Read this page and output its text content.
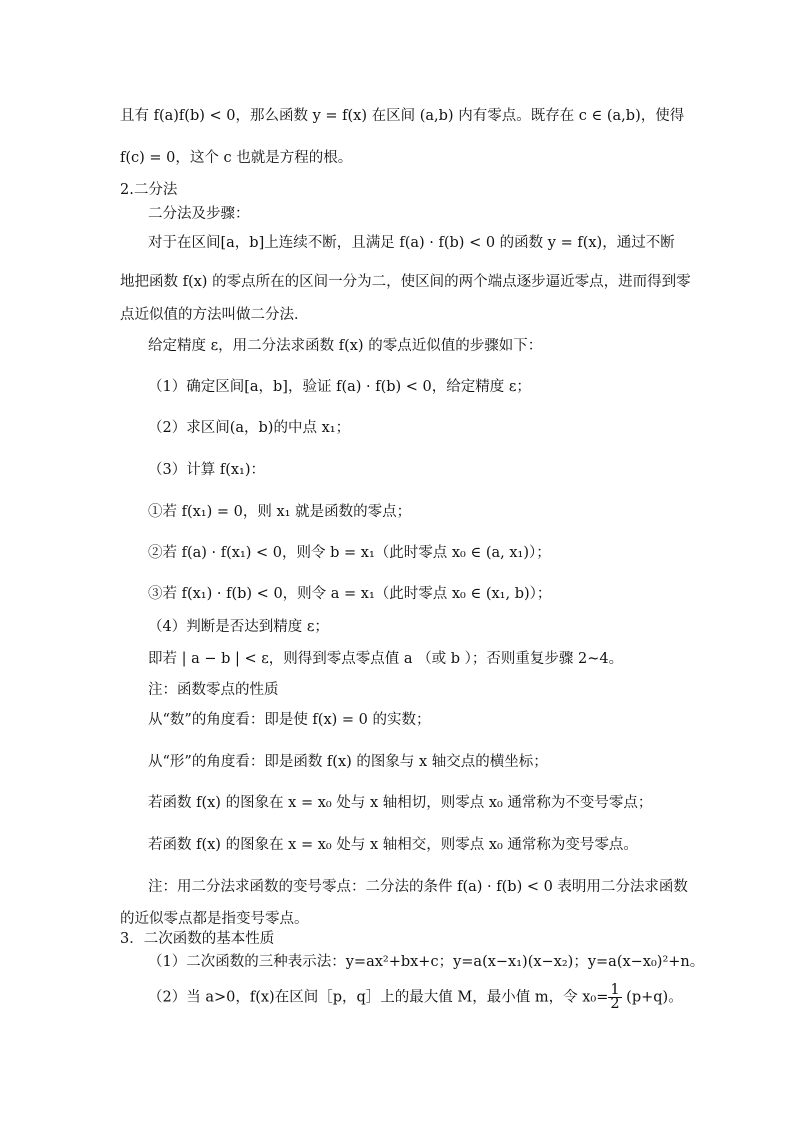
且有 f(a)f(b) < 0，那么函数 y = f(x) 在区间 (a,b) 内有零点。既存在 c ∈ (a,b)，使得
f(c) = 0，这个 c 也就是方程的根。
2.二分法
二分法及步骤：
对于在区间[a，b]上连续不断，且满足 f(a) · f(b) < 0 的函数 y = f(x)，通过不断
地把函数 f(x) 的零点所在的区间一分为二，使区间的两个端点逐步逼近零点，进而得到零
点近似值的方法叫做二分法．
给定精度 ε，用二分法求函数 f(x) 的零点近似值的步骤如下：
（1）确定区间[a，b]，验证 f(a) · f(b) < 0，给定精度 ε；
（2）求区间(a，b)的中点 x₁；
（3）计算 f(x₁)：
①若 f(x₁) = 0，则 x₁ 就是函数的零点；
②若 f(a) · f(x₁) < 0，则令 b = x₁（此时零点 x₀ ∈ (a, x₁)）；
③若 f(x₁) · f(b) < 0，则令 a = x₁（此时零点 x₀ ∈ (x₁, b)）；
（4）判断是否达到精度 ε；
即若 | a − b | < ε，则得到零点零点值 a （或 b ）；否则重复步骤 2~4。
注：函数零点的性质
从“数”的角度看：即是使 f(x) = 0 的实数；
从“形”的角度看：即是函数 f(x) 的图象与 x 轴交点的横坐标；
若函数 f(x) 的图象在 x = x₀ 处与 x 轴相切，则零点 x₀ 通常称为不变号零点；
若函数 f(x) 的图象在 x = x₀ 处与 x 轴相交，则零点 x₀ 通常称为变号零点。
注：用二分法求函数的变号零点：二分法的条件 f(a) · f(b) < 0 表明用二分法求函数
的近似零点都是指变号零点。
3．二次函数的基本性质
（1）二次函数的三种表示法：y=ax²+bx+c；y=a(x−x₁)(x−x₂)；y=a(x−x₀)²+n。
（2）当 a>0，f(x)在区间［p，q］上的最大值 M，最小值 m，令 $x_0= \frac{1}{2} (p+q)$。
